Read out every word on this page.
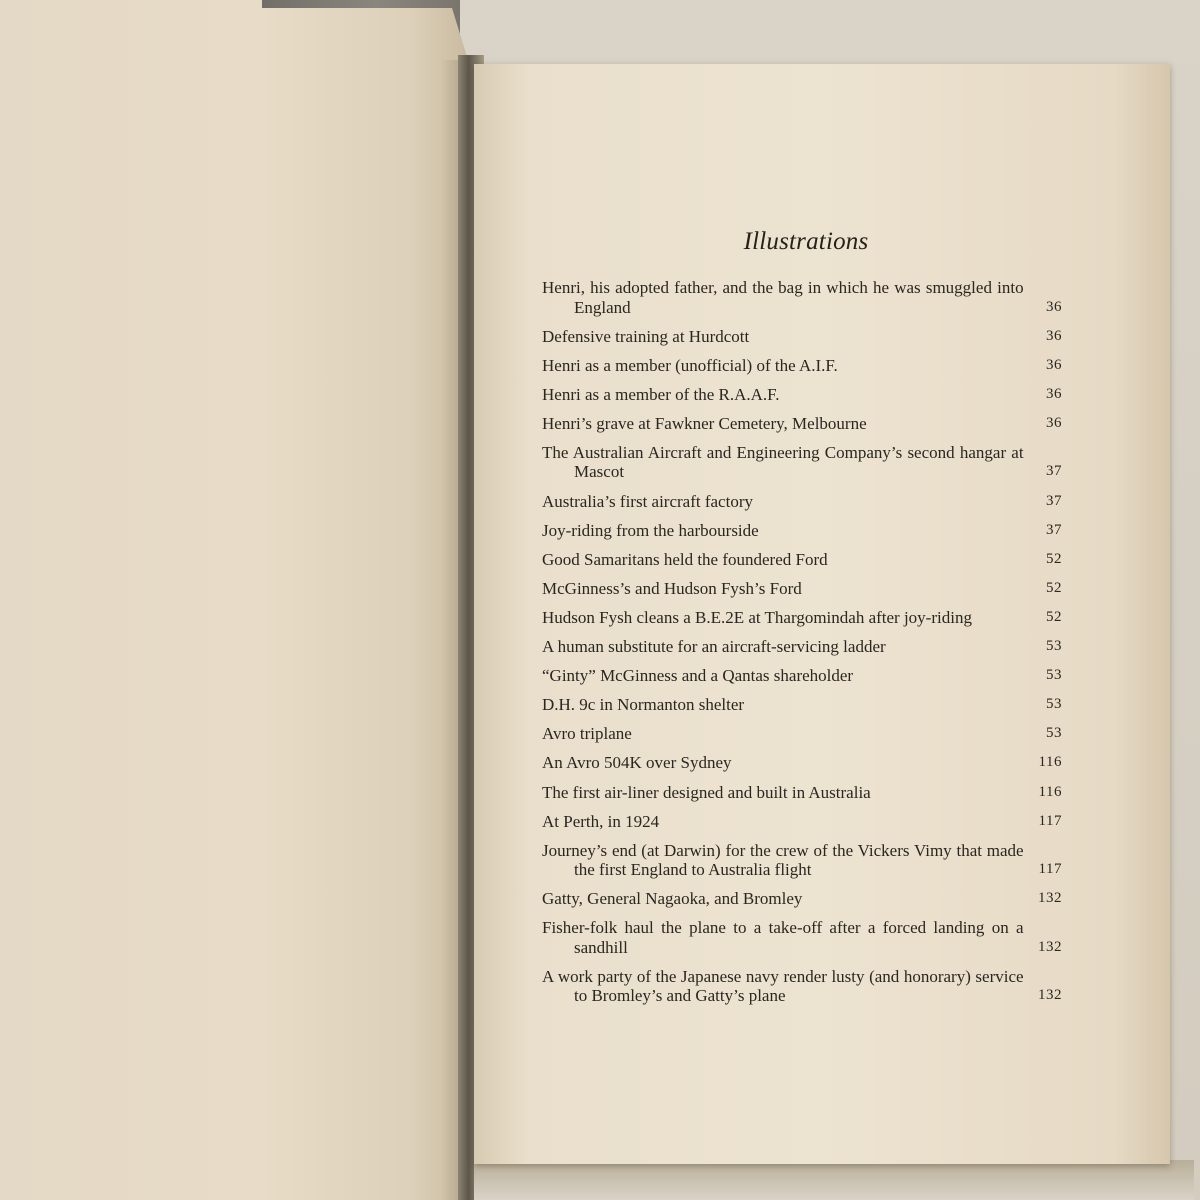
Illustrations
Henri, his adopted father, and the bag in which he was smuggled into England	36
Defensive training at Hurdcott	36
Henri as a member (unofficial) of the A.I.F.	36
Henri as a member of the R.A.A.F.	36
Henri’s grave at Fawkner Cemetery, Melbourne	36
The Australian Aircraft and Engineering Company’s second hangar at Mascot	37
Australia’s first aircraft factory	37
Joy-riding from the harbourside	37
Good Samaritans held the foundered Ford	52
McGinness’s and Hudson Fysh’s Ford	52
Hudson Fysh cleans a B.E.2E at Thargomindah after joy-riding	52
A human substitute for an aircraft-servicing ladder	53
“Ginty” McGinness and a Qantas shareholder	53
D.H. 9c in Normanton shelter	53
Avro triplane	53
An Avro 504K over Sydney	116
The first air-liner designed and built in Australia	116
At Perth, in 1924	117
Journey’s end (at Darwin) for the crew of the Vickers Vimy that made the first England to Australia flight	117
Gatty, General Nagaoka, and Bromley	132
Fisher-folk haul the plane to a take-off after a forced landing on a sandhill	132
A work party of the Japanese navy render lusty (and honorary) service to Bromley’s and Gatty’s plane	132
